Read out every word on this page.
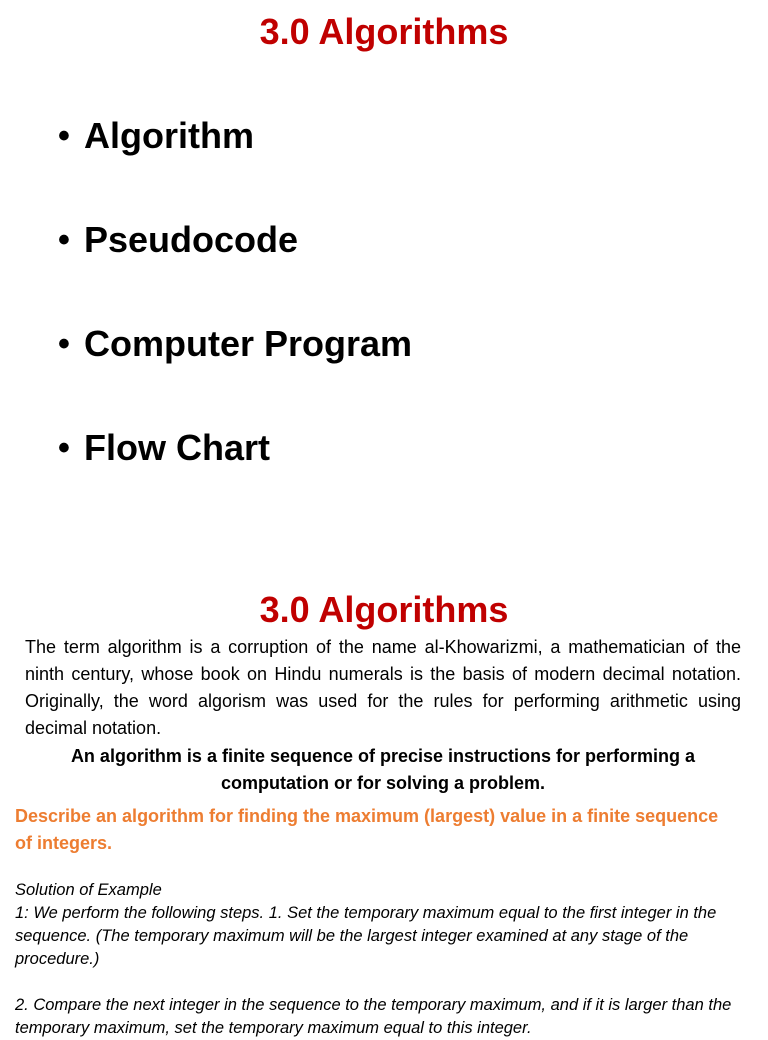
3.0 Algorithms
• Algorithm
• Pseudocode
• Computer Program
• Flow Chart
3.0 Algorithms

The term algorithm is a corruption of the name al-Khowarizmi, a mathematician of the ninth century, whose book on Hindu numerals is the basis of modern decimal notation. Originally, the word algorism was used for the rules for performing arithmetic using decimal notation.

An algorithm is a finite sequence of precise instructions for performing a computation or for solving a problem.

Describe an algorithm for finding the maximum (largest) value in a finite sequence of integers.

Solution of Example

1: We perform the following steps. 1. Set the temporary maximum equal to the first integer in the sequence. (The temporary maximum will be the largest integer examined at any stage of the procedure.)

2. Compare the next integer in the sequence to the temporary maximum, and if it is larger than the temporary maximum, set the temporary maximum equal to this integer.
